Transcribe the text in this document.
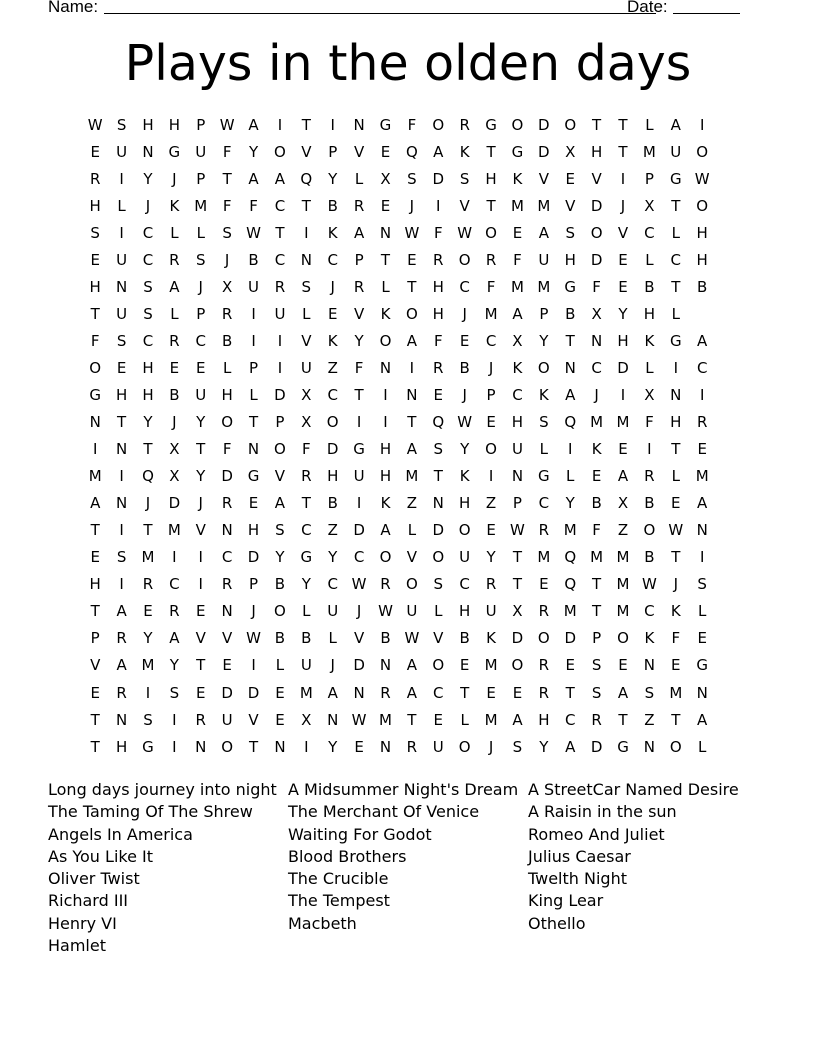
Name:	Date:
Plays in the olden days
W S	H	H	P W A	I	T	I	N G	F	O	R	G O D O	T	T	L	A	I
E	U	N G	U	F	Y	O	V	P	V	E	Q	A	K	T	G D	X	H	T	M U O
R	I	Y	J	P	T	A	A	Q	Y	L	X	S	D	S	H	K	V	E	V	I	P	G W
H	L	J	K	M	F	F	C	T	B	R	E	J	I	V	T	M M V	D	J	X	T	O
S	I	C	L	L	S W T	I	K	A	N W F W O	E	A	S	O	V	C	L	H
E	U	C	R	S	J	B	C	N	C	P	T	E	R	O	R	F	U	H D	E	L	C	H
H	N	S	A	J	X	U	R	S	J	R	L	T	H	C	F	M M G	F	E	B	T	B
T	U	S	L	P	R	I	U	L	E	V	K	O H	J	M A	P	B	X	Y	H	L
F	S	C	R	C	B	I	I	V	K	Y	O	A	F	E	C	X	Y	T	N	H	K	G	A
O	E	H	E	E	L	P	I	U	Z	F	N	I	R	B	J	K	O N	C	D	L	I	C
G H	H	B	U	H	L	D	X	C	T	I	N	E	J	P	C	K	A	J	I	X	N	I
N	T	Y	J	Y	O	T	P	X	O	I	I	T	Q W E	H	S	Q M M	F	H	R
I	N	T	X	T	F	N O	F	D G H	A	S	Y	O	U	L	I	K	E	I	T	E
M	I	Q	X	Y	D G	V	R	H	U	H M	T	K	I	N G	L	E	A	R	L	M
A	N	J	D	J	R	E	A	T	B	I	K	Z	N	H	Z	P	C	Y	B	X	B	E	A
T	I	T	M V	N	H	S	C	Z	D	A	L	D O	E W R M	F	Z	O W N
E	S	M	I	I	C	D	Y	G	Y	C	O	V	O	U	Y	T	M Q M M B	T	I
H	I	R	C	I	R	P	B	Y	C W R	O	S	C	R	T	E	Q	T	M W	J	S
T	A	E	R	E	N	J	O	L	U	J	W U	L	H	U	X	R M	T	M C	K	L
P	R	Y	A	V	V W B	B	L	V	B W V	B	K	D O D	P	O	K	F	E
V	A M	Y	T	E	I	L	U	J	D	N	A	O	E	M O	R	E	S	E	N	E	G
E	R	I	S	E	D D	E	M A	N	R	A	C	T	E	E	R	T	S	A	S	M N
T	N	S	I	R	U	V	E	X	N W M	T	E	L	M A	H	C	R	T	Z	T	A
T	H G	I	N O	T	N	I	Y	E	N	R	U O	J	S	Y	A	D G N O	L
Long days journey into night
The Taming Of The Shrew
Angels In America
As You Like It
Oliver Twist
Richard III
Henry VI
Hamlet
A Midsummer Night's Dream
The Merchant Of Venice
Waiting For Godot
Blood Brothers
The Crucible
The Tempest
Macbeth
A StreetCar Named Desire
A Raisin in the sun
Romeo And Juliet
Julius Caesar
Twelth Night
King Lear
Othello
